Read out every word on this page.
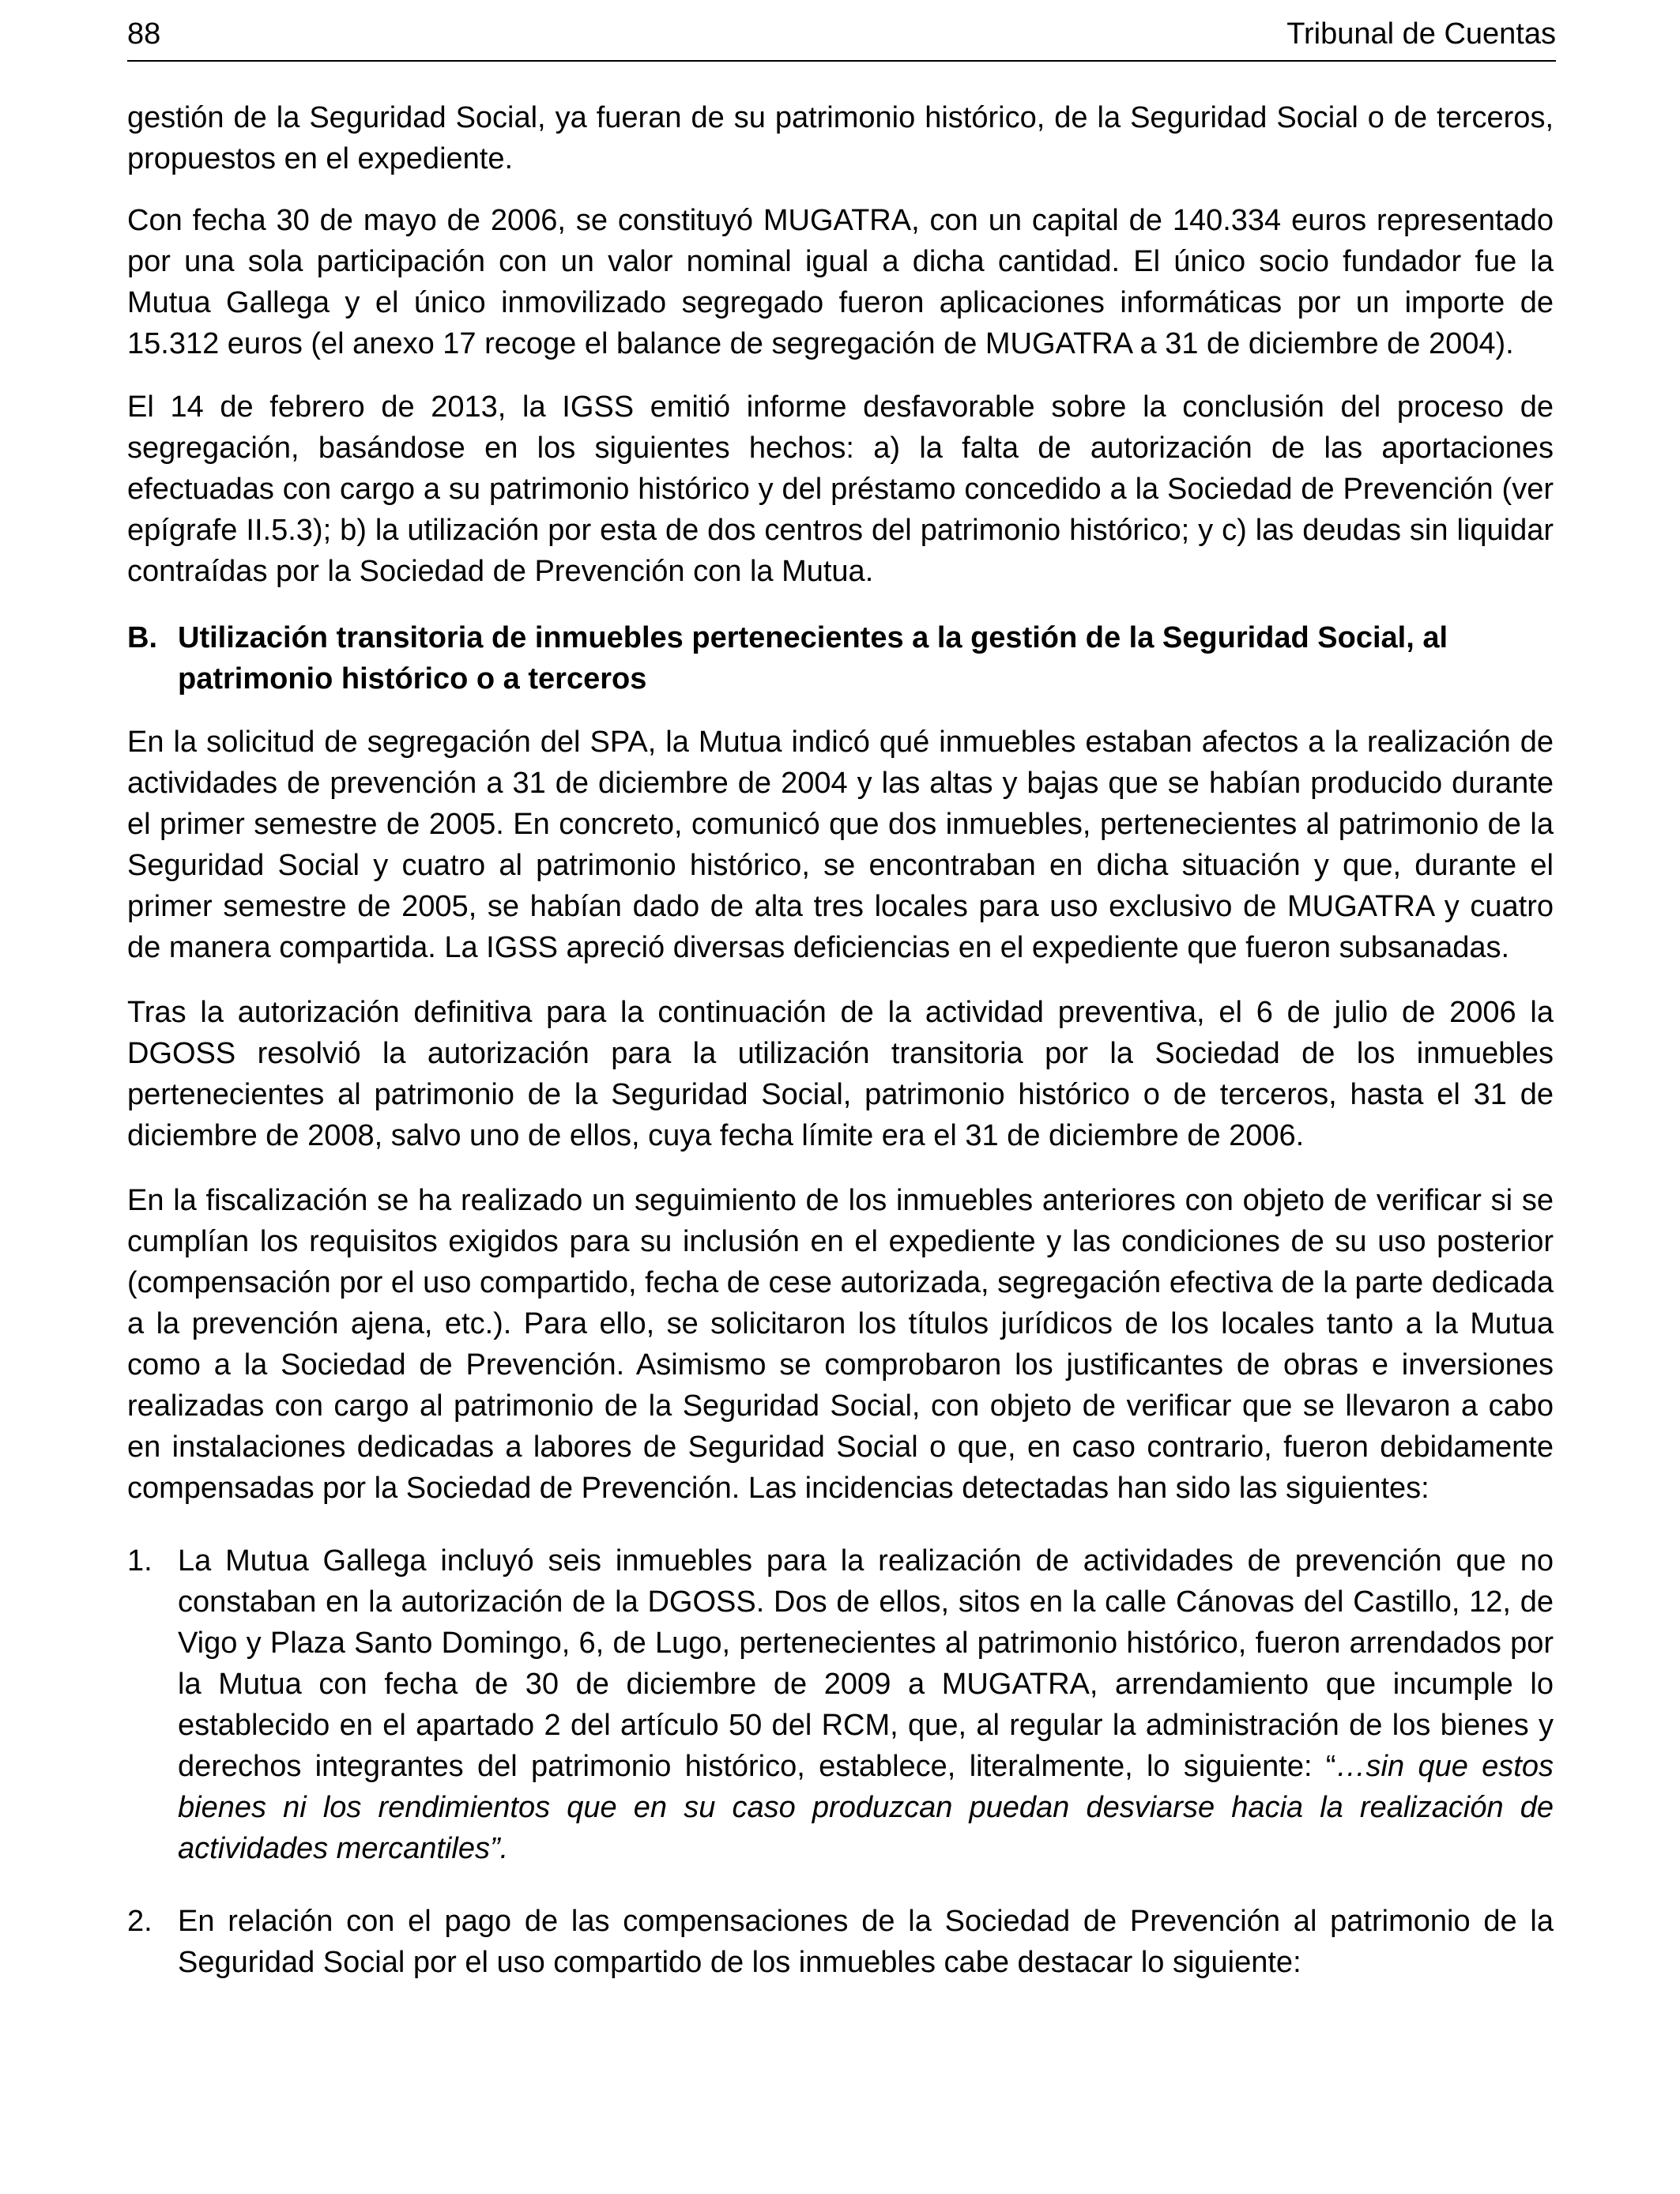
88	Tribunal de Cuentas

gestión de la Seguridad Social, ya fueran de su patrimonio histórico, de la Seguridad Social o de terceros, propuestos en el expediente.

Con fecha 30 de mayo de 2006, se constituyó MUGATRA, con un capital de 140.334 euros representado por una sola participación con un valor nominal igual a dicha cantidad. El único socio fundador fue la Mutua Gallega y el único inmovilizado segregado fueron aplicaciones informáticas por un importe de 15.312 euros (el anexo 17 recoge el balance de segregación de MUGATRA a 31 de diciembre de 2004).

El 14 de febrero de 2013, la IGSS emitió informe desfavorable sobre la conclusión del proceso de segregación, basándose en los siguientes hechos: a) la falta de autorización de las aportaciones efectuadas con cargo a su patrimonio histórico y del préstamo concedido a la Sociedad de Prevención (ver epígrafe II.5.3); b) la utilización por esta de dos centros del patrimonio histórico; y c) las deudas sin liquidar contraídas por la Sociedad de Prevención con la Mutua.

B. Utilización transitoria de inmuebles pertenecientes a la gestión de la Seguridad Social, al patrimonio histórico o a terceros

En la solicitud de segregación del SPA, la Mutua indicó qué inmuebles estaban afectos a la realización de actividades de prevención a 31 de diciembre de 2004 y las altas y bajas que se habían producido durante el primer semestre de 2005. En concreto, comunicó que dos inmuebles, pertenecientes al patrimonio de la Seguridad Social y cuatro al patrimonio histórico, se encontraban en dicha situación y que, durante el primer semestre de 2005, se habían dado de alta tres locales para uso exclusivo de MUGATRA y cuatro de manera compartida. La IGSS apreció diversas deficiencias en el expediente que fueron subsanadas.

Tras la autorización definitiva para la continuación de la actividad preventiva, el 6 de julio de 2006 la DGOSS resolvió la autorización para la utilización transitoria por la Sociedad de los inmuebles pertenecientes al patrimonio de la Seguridad Social, patrimonio histórico o de terceros, hasta el 31 de diciembre de 2008, salvo uno de ellos, cuya fecha límite era el 31 de diciembre de 2006.

En la fiscalización se ha realizado un seguimiento de los inmuebles anteriores con objeto de verificar si se cumplían los requisitos exigidos para su inclusión en el expediente y las condiciones de su uso posterior (compensación por el uso compartido, fecha de cese autorizada, segregación efectiva de la parte dedicada a la prevención ajena, etc.). Para ello, se solicitaron los títulos jurídicos de los locales tanto a la Mutua como a la Sociedad de Prevención. Asimismo se comprobaron los justificantes de obras e inversiones realizadas con cargo al patrimonio de la Seguridad Social, con objeto de verificar que se llevaron a cabo en instalaciones dedicadas a labores de Seguridad Social o que, en caso contrario, fueron debidamente compensadas por la Sociedad de Prevención. Las incidencias detectadas han sido las siguientes:

1. La Mutua Gallega incluyó seis inmuebles para la realización de actividades de prevención que no constaban en la autorización de la DGOSS. Dos de ellos, sitos en la calle Cánovas del Castillo, 12, de Vigo y Plaza Santo Domingo, 6, de Lugo, pertenecientes al patrimonio histórico, fueron arrendados por la Mutua con fecha de 30 de diciembre de 2009 a MUGATRA, arrendamiento que incumple lo establecido en el apartado 2 del artículo 50 del RCM, que, al regular la administración de los bienes y derechos integrantes del patrimonio histórico, establece, literalmente, lo siguiente: “…sin que estos bienes ni los rendimientos que en su caso produzcan puedan desviarse hacia la realización de actividades mercantiles”.
2. En relación con el pago de las compensaciones de la Sociedad de Prevención al patrimonio de la Seguridad Social por el uso compartido de los inmuebles cabe destacar lo siguiente:
